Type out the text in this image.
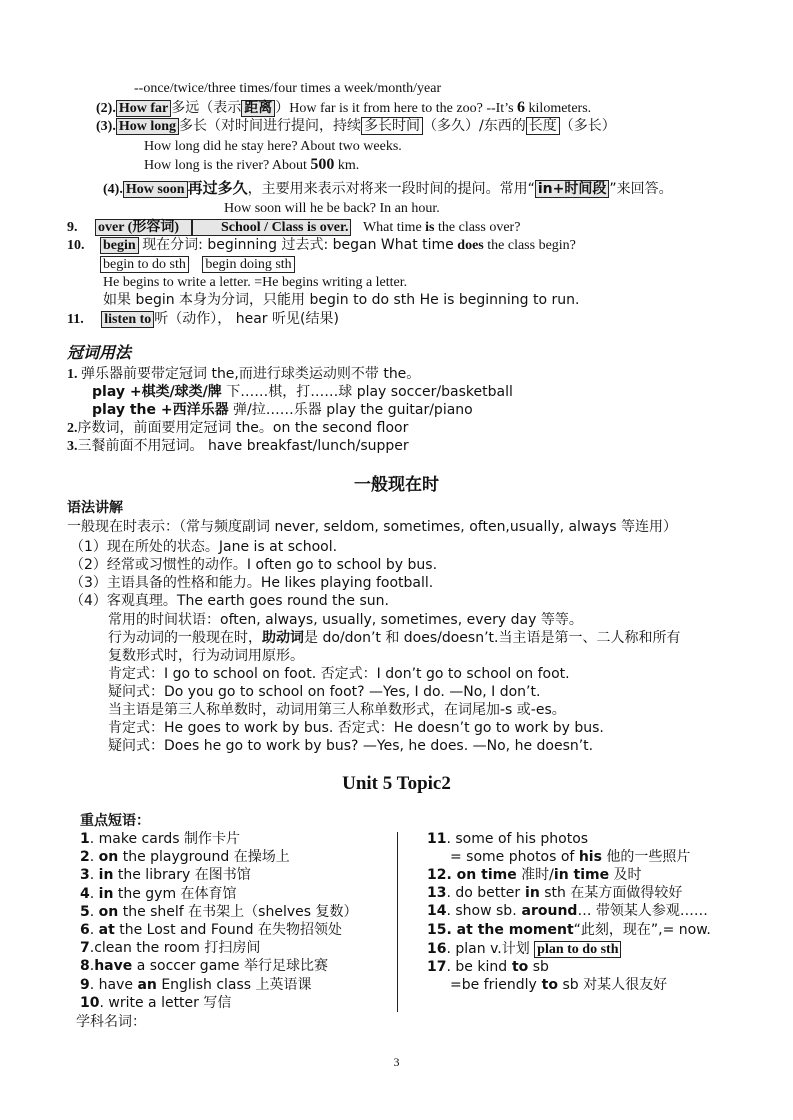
--once/twice/three times/four times a week/month/year
(2). How far 多远（表示 距离 ）How far is it from here to the zoo? --It’s 6 kilometers.
(3). How long 多长（对时间进行提问，持续 多长时间 （多久）/东西的 长度 （多长）
How long did he stay here? About two weeks.
How long is the river? About 500 km.
(4). How soon 再过多久，主要用来表示对将来一段时间的提问。常用“ in+时间段 ”来回答。
How soon will he be back? In an hour.
9. over (形容词)	School / Class is over. What time is the class over?
10. begin 现在分词: beginning 过去式: began What time does the class begin?
begin to do sth begin doing sth
He begins to write a letter. =He begins writing a letter.
如果 begin 本身为分词，只能用 begin to do sth He is beginning to run.
11. listen to 听（动作）， hear 听见(结果)
冠词用法
1. 弹乐器前要带定冠词 the,而进行球类运动则不带 the。
play +棋类/球类/牌 下……棋，打……球 play soccer/basketball
play the +西洋乐器 弹/拉……乐器 play the guitar/piano
2.序数词，前面要用定冠词 the。on the second floor
3.三餐前面不用冠词。 have breakfast/lunch/supper
一般现在时
语法讲解
一般现在时表示：（常与频度副词 never, seldom, sometimes, often,usually, always 等连用）
（1）现在所处的状态。Jane is at school.
（2）经常或习惯性的动作。I often go to school by bus.
（3）主语具备的性格和能力。He likes playing football.
（4）客观真理。The earth goes round the sun.
常用的时间状语：often, always, usually, sometimes, every day 等等。
行为动词的一般现在时，助动词是 do/don’t 和 does/doesn’t.当主语是第一、二人称和所有
复数形式时，行为动词用原形。
肯定式：I go to school on foot. 否定式：I don’t go to school on foot.
疑问式：Do you go to school on foot? —Yes, I do. —No, I don’t.
当主语是第三人称单数时，动词用第三人称单数形式，在词尾加-s 或-es。
肯定式：He goes to work by bus. 否定式：He doesn’t go to work by bus.
疑问式：Does he go to work by bus? —Yes, he does. —No, he doesn’t.
Unit 5 Topic2
重点短语：
1. make cards 制作卡片
2. on the playground 在操场上
3. in the library 在图书馆
4. in the gym 在体育馆
5. on the shelf 在书架上（shelves 复数）
6. at the Lost and Found 在失物招领处
7.clean the room 打扫房间
8.have a soccer game 举行足球比赛
9. have an English class 上英语课
10. write a letter 写信
学科名词：
11. some of his photos
= some photos of his 他的一些照片
12. on time 准时/in time 及时
13. do better in sth 在某方面做得较好
14. show sb. around… 带领某人参观……
15. at the moment“此刻，现在”,= now.
16. plan v.计划 plan to do sth
17. be kind to sb
=be friendly to sb 对某人很友好
3
